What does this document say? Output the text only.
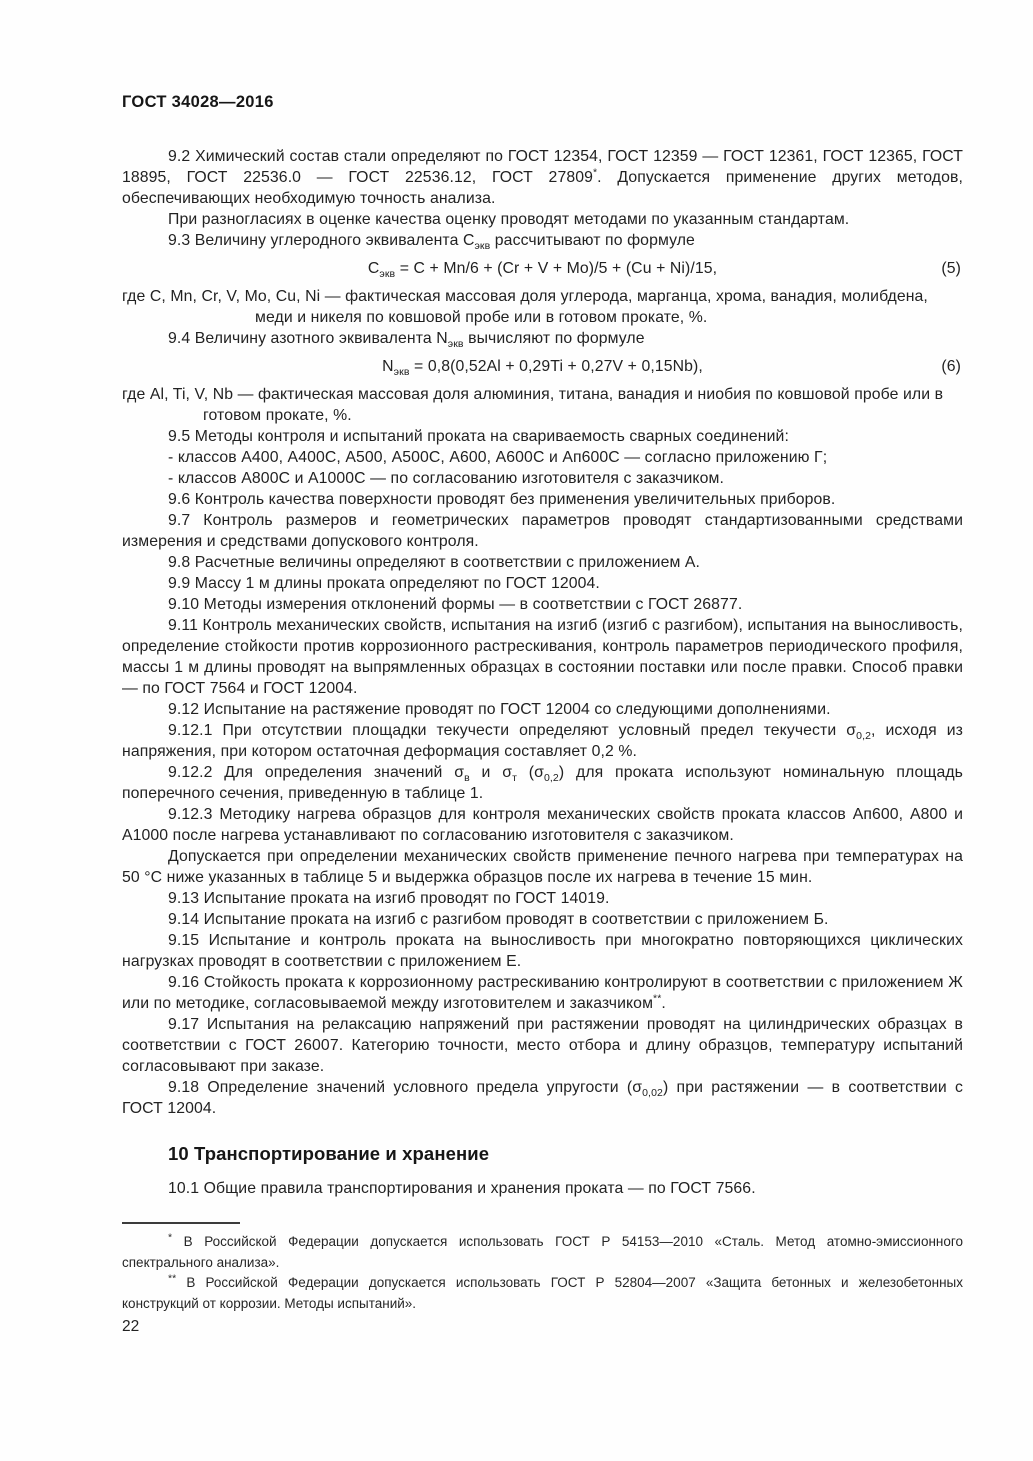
ГОСТ 34028—2016

9.2 Химический состав стали определяют по ГОСТ 12354, ГОСТ 12359 — ГОСТ 12361, ГОСТ 12365, ГОСТ 18895, ГОСТ 22536.0 — ГОСТ 22536.12, ГОСТ 27809*. Допускается применение других методов, обеспечивающих необходимую точность анализа.

При разногласиях в оценке качества оценку проводят методами по указанным стандартам.

9.3 Величину углеродного эквивалента $С_{экв}$ рассчитывают по формуле

$С_{экв} = C + Mn/6 + (Cr + V + Mo)/5 + (Cu + Ni)/15$,	(5)

где C, Mn, Cr, V, Mo, Cu, Ni — фактическая массовая доля углерода, марганца, хрома, ванадия, молибдена, меди и никеля по ковшовой пробе или в готовом прокате, %.

9.4 Величину азотного эквивалента $N_{экв}$ вычисляют по формуле

$N_{экв} = 0,8(0,52Al + 0,29Ti + 0,27V + 0,15Nb)$,	(6)

где Al, Ti, V, Nb — фактическая массовая доля алюминия, титана, ванадия и ниобия по ковшовой пробе или в готовом прокате, %.

9.5 Методы контроля и испытаний проката на свариваемость сварных соединений:

- классов А400, А400С, А500, А500С, А600, А600С и Ап600С — согласно приложению Г;

- классов А800С и А1000С — по согласованию изготовителя с заказчиком.

9.6 Контроль качества поверхности проводят без применения увеличительных приборов.

9.7 Контроль размеров и геометрических параметров проводят стандартизованными средствами измерения и средствами допускового контроля.

9.8 Расчетные величины определяют в соответствии с приложением А.

9.9 Массу 1 м длины проката определяют по ГОСТ 12004.

9.10 Методы измерения отклонений формы — в соответствии с ГОСТ 26877.

9.11 Контроль механических свойств, испытания на изгиб (изгиб с разгибом), испытания на выносливость, определение стойкости против коррозионного растрескивания, контроль параметров периодического профиля, массы 1 м длины проводят на выпрямленных образцах в состоянии поставки или после правки. Способ правки — по ГОСТ 7564 и ГОСТ 12004.

9.12 Испытание на растяжение проводят по ГОСТ 12004 со следующими дополнениями.

9.12.1 При отсутствии площадки текучести определяют условный предел текучести $\sigma_{0,2}$, исходя из напряжения, при котором остаточная деформация составляет 0,2 %.

9.12.2 Для определения значений $\sigma_в$ и $\sigma_т$ $(\sigma_{0,2})$ для проката используют номинальную площадь поперечного сечения, приведенную в таблице 1.

9.12.3 Методику нагрева образцов для контроля механических свойств проката классов Ап600, А800 и А1000 после нагрева устанавливают по согласованию изготовителя с заказчиком.

Допускается при определении механических свойств применение печного нагрева при температурах на 50 °С ниже указанных в таблице 5 и выдержка образцов после их нагрева в течение 15 мин.

9.13 Испытание проката на изгиб проводят по ГОСТ 14019.

9.14 Испытание проката на изгиб с разгибом проводят в соответствии с приложением Б.

9.15 Испытание и контроль проката на выносливость при многократно повторяющихся циклических нагрузках проводят в соответствии с приложением Е.

9.16 Стойкость проката к коррозионному растрескиванию контролируют в соответствии с приложением Ж или по методике, согласовываемой между изготовителем и заказчиком**.

9.17 Испытания на релаксацию напряжений при растяжении проводят на цилиндрических образцах в соответствии с ГОСТ 26007. Категорию точности, место отбора и длину образцов, температуру испытаний согласовывают при заказе.

9.18 Определение значений условного предела упругости $(\sigma_{0,02})$ при растяжении — в соответствии с ГОСТ 12004.

10 Транспортирование и хранение

10.1 Общие правила транспортирования и хранения проката — по ГОСТ 7566.

* В Российской Федерации допускается использовать ГОСТ Р 54153—2010 «Сталь. Метод атомно-эмиссионного спектрального анализа».

** В Российской Федерации допускается использовать ГОСТ Р 52804—2007 «Защита бетонных и железобетонных конструкций от коррозии. Методы испытаний».

22
